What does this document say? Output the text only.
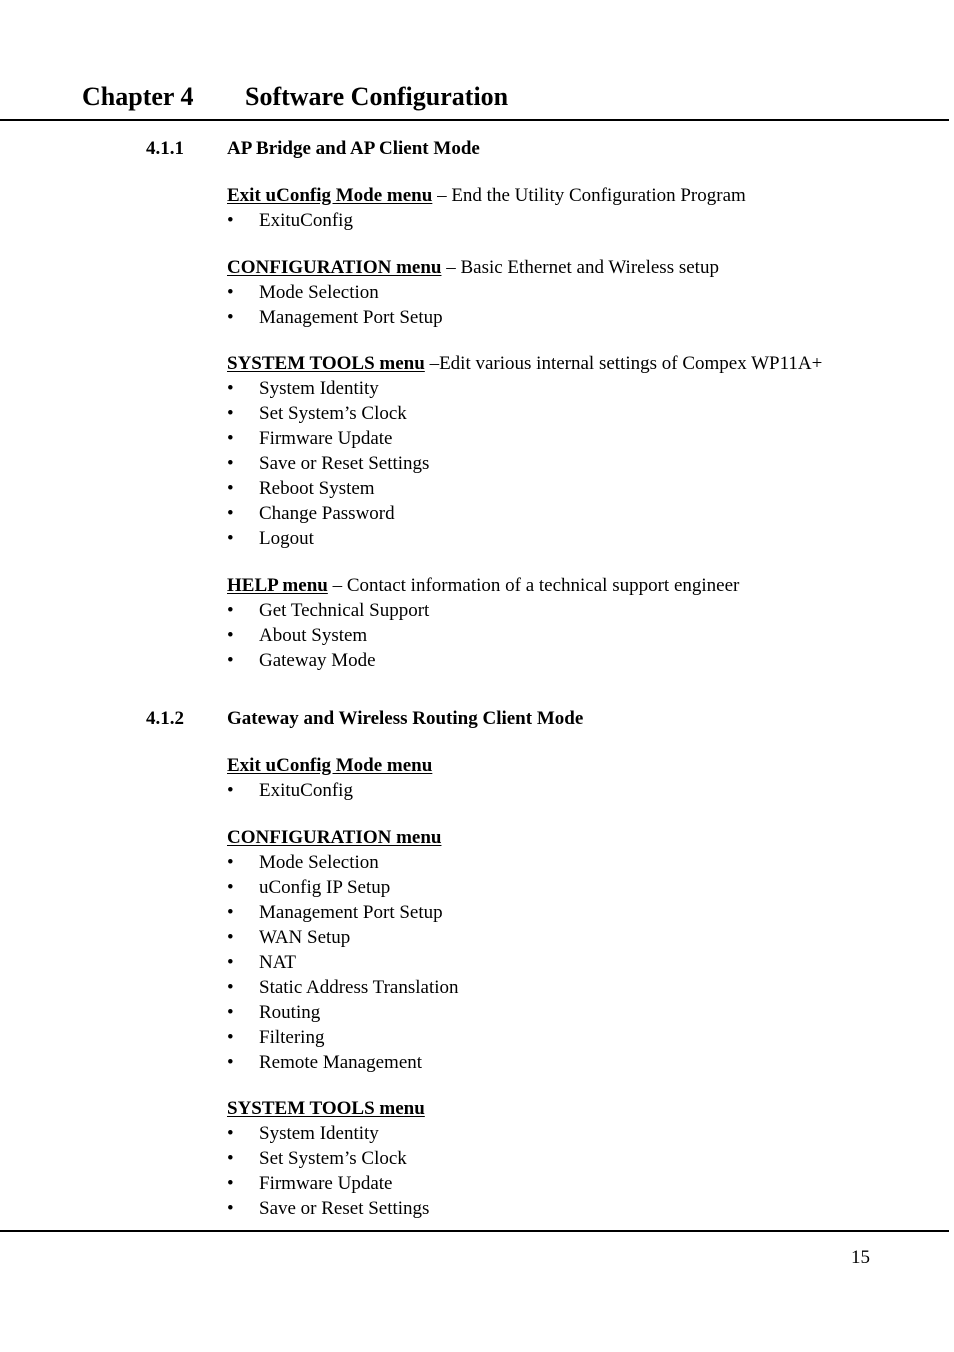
Chapter 4 Software Configuration
4.1.1 AP Bridge and AP Client Mode
Exit uConfig Mode menu – End the Utility Configuration Program
• ExituConfig
CONFIGURATION menu – Basic Ethernet and Wireless setup
• Mode Selection
• Management Port Setup
SYSTEM TOOLS menu –Edit various internal settings of Compex WP11A+
• System Identity
• Set System’s Clock
• Firmware Update
• Save or Reset Settings
• Reboot System
• Change Password
• Logout
HELP menu – Contact information of a technical support engineer
• Get Technical Support
• About System
• Gateway Mode
4.1.2 Gateway and Wireless Routing Client Mode
Exit uConfig Mode menu
• ExituConfig
CONFIGURATION menu
• Mode Selection
• uConfig IP Setup
• Management Port Setup
• WAN Setup
• NAT
• Static Address Translation
• Routing
• Filtering
• Remote Management
SYSTEM TOOLS menu
• System Identity
• Set System’s Clock
• Firmware Update
• Save or Reset Settings
15
